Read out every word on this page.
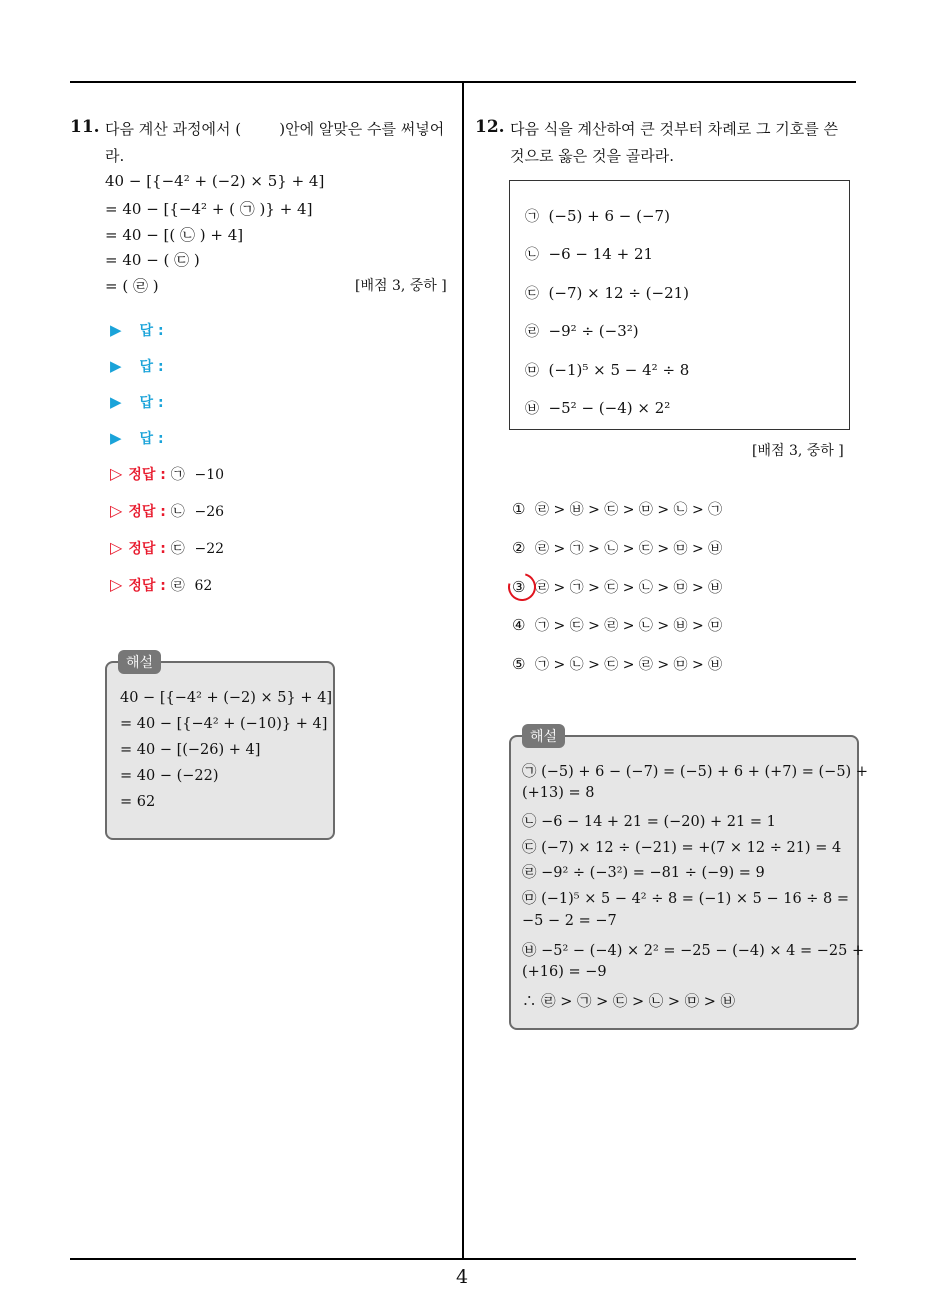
4
11. 다음 계산 과정에서 (        )안에 알맞은 수를 써넣어
라.
40 − [{−4² + (−2) × 5} + 4]
= 40 − [{−4² + ( ㉠ )} + 4]
= 40 − [( ㉡ ) + 4]
= 40 − ( ㉢ )
= ( ㉣ )	[배점 3, 중하 ]
▶ 답 :
▶ 답 :
▶ 답 :
▶ 답 :
▷ 정답 : ㉠ −10
▷ 정답 : ㉡ −26
▷ 정답 : ㉢ −22
▷ 정답 : ㉣ 62
해설
40 − [{−4² + (−2) × 5} + 4]
= 40 − [{−4² + (−10)} + 4]
= 40 − [(−26) + 4]
= 40 − (−22)
= 62
12. 다음 식을 계산하여 큰 것부터 차례로 그 기호를 쓴
것으로 옳은 것을 골라라.
㉠ (−5) + 6 − (−7)
㉡ −6 − 14 + 21
㉢ (−7) × 12 ÷ (−21)
㉣ −9² ÷ (−3²)
㉤ (−1)⁵ × 5 − 4² ÷ 8
㉥ −5² − (−4) × 2²
[배점 3, 중하 ]
① ㉣ > ㉥ > ㉢ > ㉤ > ㉡ > ㉠
② ㉣ > ㉠ > ㉡ > ㉢ > ㉤ > ㉥
③ ㉣ > ㉠ > ㉢ > ㉡ > ㉤ > ㉥
④ ㉠ > ㉢ > ㉣ > ㉡ > ㉥ > ㉤
⑤ ㉠ > ㉡ > ㉢ > ㉣ > ㉤ > ㉥
해설
㉠ (−5) + 6 − (−7) = (−5) + 6 + (+7) = (−5) +
(+13) = 8
㉡ −6 − 14 + 21 = (−20) + 21 = 1
㉢ (−7) × 12 ÷ (−21) = +(7 × 12 ÷ 21) = 4
㉣ −9² ÷ (−3²) = −81 ÷ (−9) = 9
㉤ (−1)⁵ × 5 − 4² ÷ 8 = (−1) × 5 − 16 ÷ 8 =
−5 − 2 = −7
㉥ −5² − (−4) × 2² = −25 − (−4) × 4 = −25 +
(+16) = −9
∴ ㉣ > ㉠ > ㉢ > ㉡ > ㉤ > ㉥
